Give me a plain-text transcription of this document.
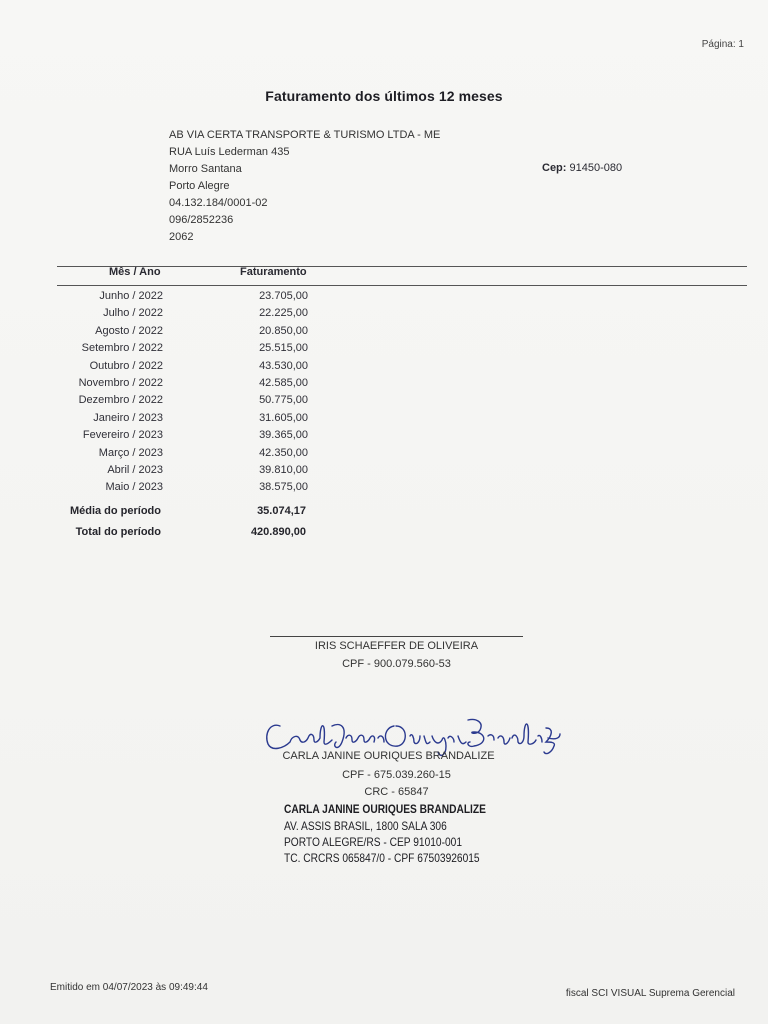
Página: 1
Faturamento dos últimos 12 meses
AB VIA CERTA TRANSPORTE & TURISMO LTDA - ME
RUA Luís Lederman 435
Morro Santana
Porto Alegre
04.132.184/0001-02
096/2852236
2062
Cep: 91450-080
Mês / Ano	Faturamento
Junho / 2022	23.705,00
Julho / 2022	22.225,00
Agosto / 2022	20.850,00
Setembro / 2022	25.515,00
Outubro / 2022	43.530,00
Novembro / 2022	42.585,00
Dezembro / 2022	50.775,00
Janeiro / 2023	31.605,00
Fevereiro / 2023	39.365,00
Março / 2023	42.350,00
Abril / 2023	39.810,00
Maio / 2023	38.575,00
Média do período	35.074,17
Total do período	420.890,00
IRIS SCHAEFFER DE OLIVEIRA
CPF - 900.079.560-53
CARLA JANINE OURIQUES BRANDALIZE
CPF - 675.039.260-15
CRC - 65847
CARLA JANINE OURIQUES BRANDALIZE
AV. ASSIS BRASIL, 1800 SALA 306
PORTO ALEGRE/RS - CEP 91010-001
TC. CRCRS 065847/0 - CPF 67503926015
Emitido em 04/07/2023 às 09:49:44
fiscal SCI VISUAL Suprema Gerencial
